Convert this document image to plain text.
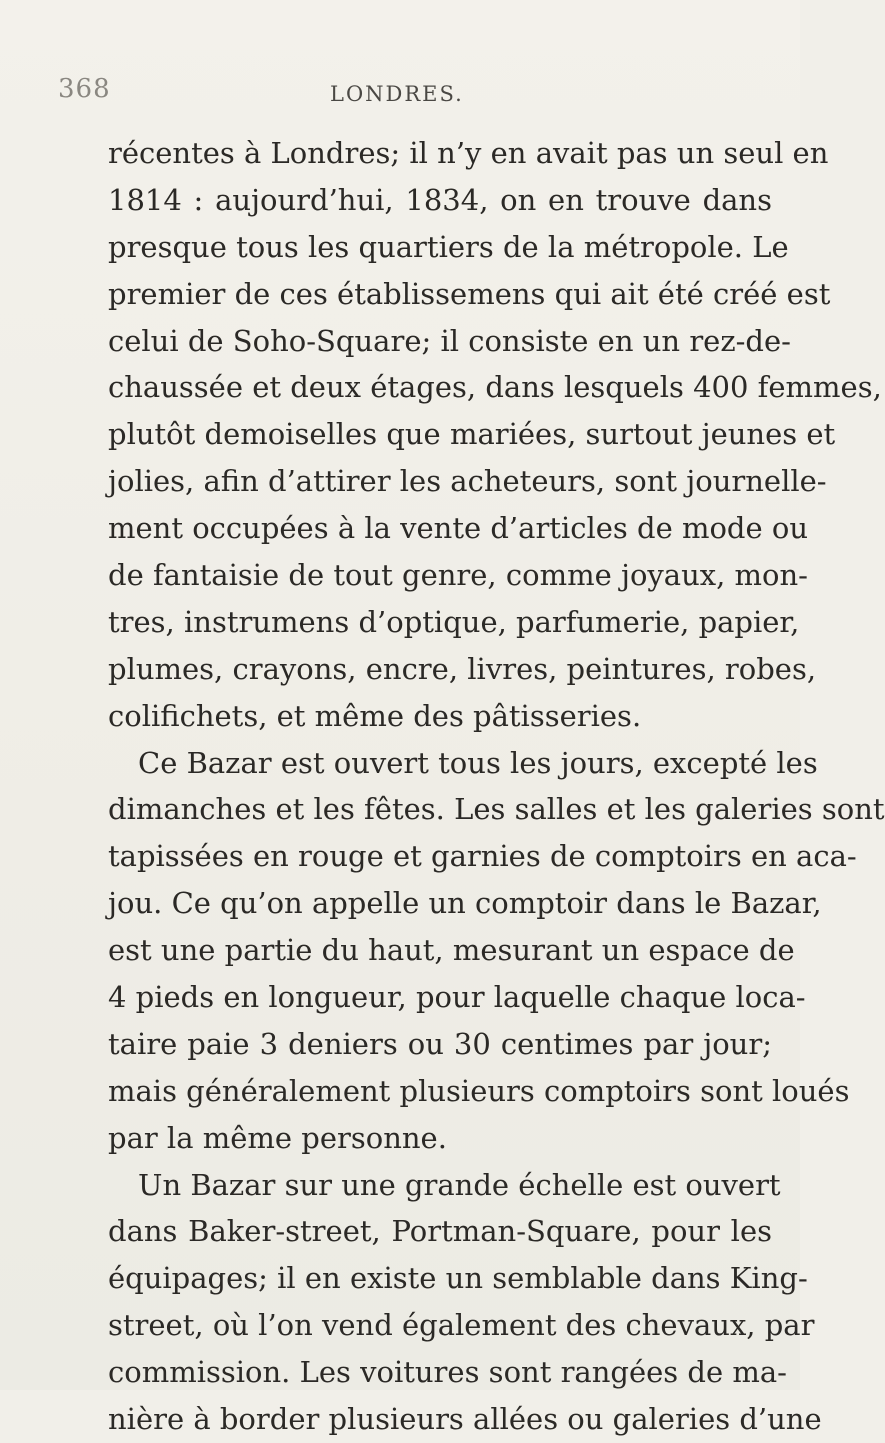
368	LONDRES.
récentes à Londres; il n’y en avait pas un seul en
1814 : aujourd’hui, 1834, on en trouve dans
presque tous les quartiers de la métropole. Le
premier de ces établissemens qui ait été créé est
celui de Soho-Square; il consiste en un rez-de-
chaussée et deux étages, dans lesquels 400 femmes,
plutôt demoiselles que mariées, surtout jeunes et
jolies, afin d’attirer les acheteurs, sont journelle-
ment occupées à la vente d’articles de mode ou
de fantaisie de tout genre, comme joyaux, mon-
tres, instrumens d’optique, parfumerie, papier,
plumes, crayons, encre, livres, peintures, robes,
colifichets, et même des pâtisseries.
Ce Bazar est ouvert tous les jours, excepté les
dimanches et les fêtes. Les salles et les galeries sont
tapissées en rouge et garnies de comptoirs en aca-
jou. Ce qu’on appelle un comptoir dans le Bazar,
est une partie du haut, mesurant un espace de
4 pieds en longueur, pour laquelle chaque loca-
taire paie 3 deniers ou 30 centimes par jour;
mais généralement plusieurs comptoirs sont loués
par la même personne.
Un Bazar sur une grande échelle est ouvert
dans Baker-street, Portman-Square, pour les
équipages; il en existe un semblable dans King-
street, où l’on vend également des chevaux, par
commission. Les voitures sont rangées de ma-
nière à border plusieurs allées ou galeries d’une
